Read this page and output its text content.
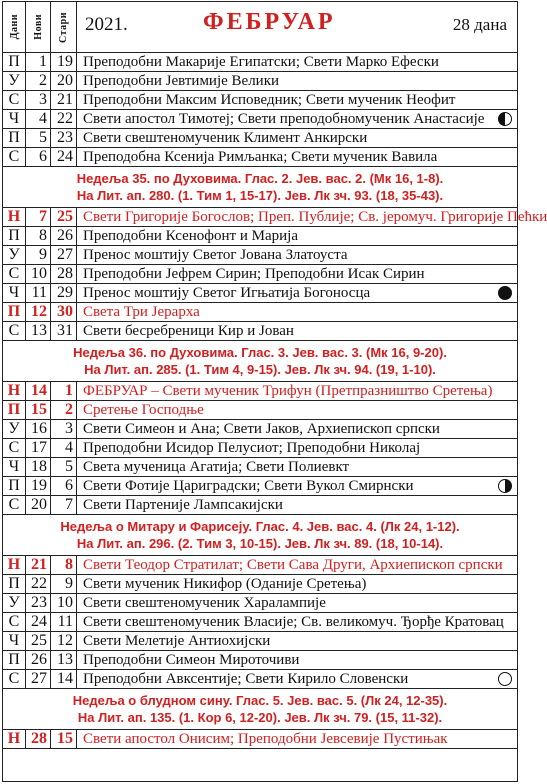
Дани Нови Стари 2021.	ФЕБРУАР	28 дана
П	1 19 Преподобни Макарије Египатски; Свети Марко Ефески
У	2 20 Преподобни Јевтимије Велики
С	3 21 Преподобни Максим Исповедник; Свети мученик Неофит
Ч	4 22 Свети апостол Тимотеј; Свети преподобномученик Анастасије
П	5 23 Свети свештеномученик Климент Анкирски
С	6 24 Преподобна Ксенија Римљанка; Свети мученик Вавила
Недеља 35. по Духовима. Глас. 2. Јев. вас. 2. (Мк 16, 1-8).
На Лит. ап. 280. (1. Тим 1, 15-17). Јев. Лк зч. 93. (18, 35-43).
Н	7 25 Свети Григорије Богослов; Преп. Публије; Св. јеромуч. Григорије Пећки
П	8 26 Преподобни Ксенофонт и Марија
У	9 27 Пренос моштију Светог Јована Златоуста
С 10 28 Преподобни Јефрем Сирин; Преподобни Исак Сирин
Ч 11 29 Пренос моштију Светог Игњатија Богоносца
П 12 30 Света Три Јерарха
С 13 31 Свети бесребреници Кир и Јован
Недеља 36. по Духовима. Глас. 3. Јев. вас. 3. (Мк 16, 9-20).
На Лит. ап. 285. (1. Тим 4, 9-15). Јев. Лк зч. 94. (19, 1-10).
Н 14	1 ФЕБРУАР – Свети мученик Трифун (Претпразништво Сретења)
П 15	2 Сретење Господње
У 16	3 Свети Симеон и Ана; Свети Јаков, Архиепископ српски
С 17	4 Преподобни Исидор Пелусиот; Преподобни Николај
Ч 18	5 Света мученица Агатија; Свети Полиевкт
П 19	6 Свети Фотије Цариградски; Свети Вукол Смирнски
С 20	7 Свети Партеније Лампсакијски
Недеља о Митару и Фарисеју. Глас. 4. Јев. вас. 4. (Лк 24, 1-12).
На Лит. ап. 296. (2. Тим 3, 10-15). Јев. Лк зч. 89. (18, 10-14).
Н 21	8 Свети Теодор Стратилат; Свети Сава Други, Архиепископ српски
П 22	9 Свети мученик Никифор (Оданије Сретења)
У 23 10 Свети свештеномученик Харалампије
С 24 11 Свети свештеномученик Власије; Св. великомуч. Ђорђе Кратовац
Ч 25 12 Свети Мелетије Антиохијски
П 26 13 Преподобни Симеон Мироточиви
С 27 14 Преподобни Авксентије; Свети Кирило Словенски
Недеља о блудном сину. Глас. 5. Јев. вас. 5. (Лк 24, 12-35).
На Лит. ап. 135. (1. Кор 6, 12-20). Јев. Лк зч. 79. (15, 11-32).
Н 28 15 Свети апостол Онисим; Преподобни Јевсевије Пустињак
